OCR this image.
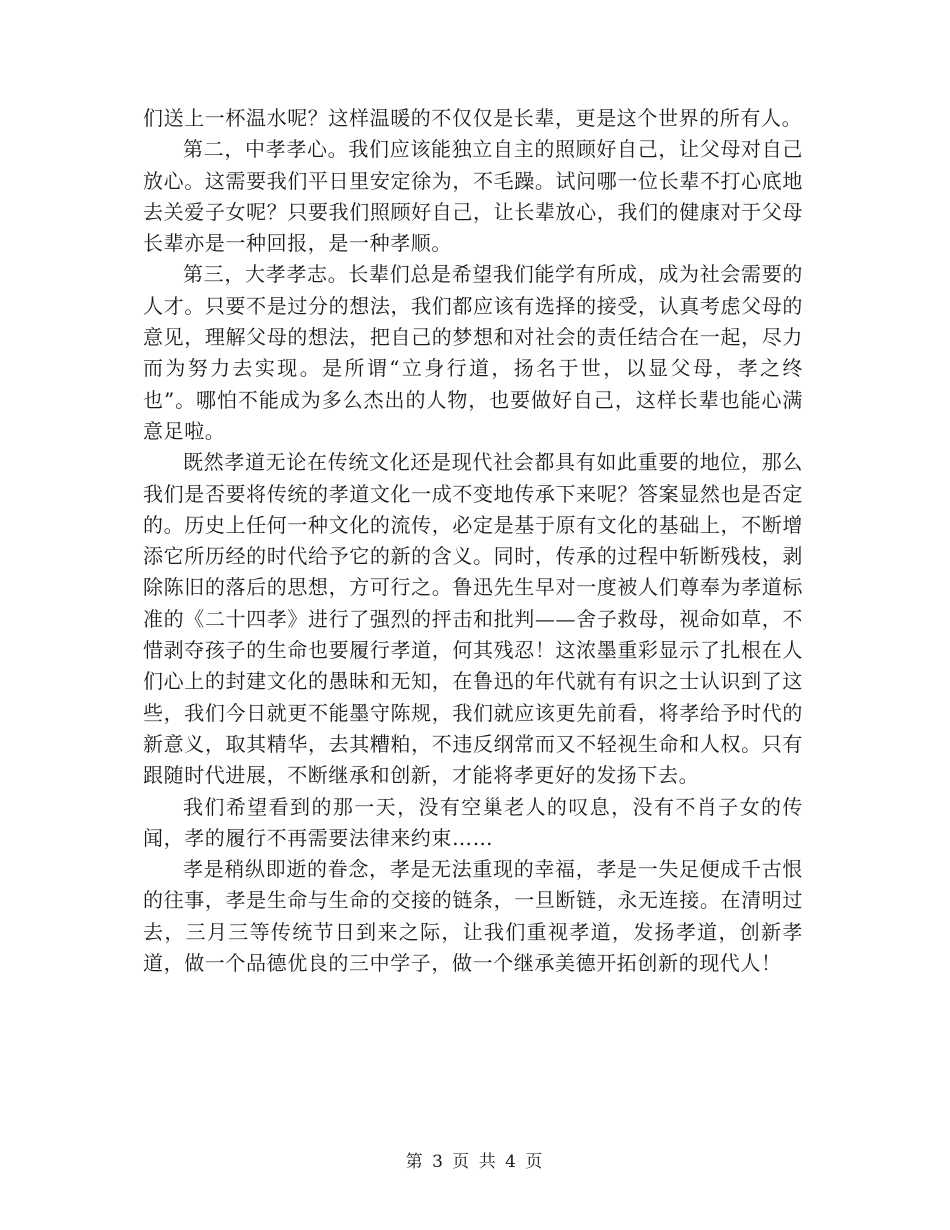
们送上一杯温水呢？这样温暖的不仅仅是长辈，更是这个世界的所有人。

第二，中孝孝心。我们应该能独立自主的照顾好自己，让父母对自己放心。这需要我们平日里安定徐为，不毛躁。试问哪一位长辈不打心底地去关爱子女呢？只要我们照顾好自己，让长辈放心，我们的健康对于父母长辈亦是一种回报，是一种孝顺。

第三，大孝孝志。长辈们总是希望我们能学有所成，成为社会需要的人才。只要不是过分的想法，我们都应该有选择的接受，认真考虑父母的意见，理解父母的想法，把自己的梦想和对社会的责任结合在一起，尽力而为努力去实现。是所谓“立身行道，扬名于世，以显父母，孝之终也”。哪怕不能成为多么杰出的人物，也要做好自己，这样长辈也能心满意足啦。

既然孝道无论在传统文化还是现代社会都具有如此重要的地位，那么我们是否要将传统的孝道文化一成不变地传承下来呢？答案显然也是否定的。历史上任何一种文化的流传，必定是基于原有文化的基础上，不断增添它所历经的时代给予它的新的含义。同时，传承的过程中斩断残枝，剥除陈旧的落后的思想，方可行之。鲁迅先生早对一度被人们尊奉为孝道标准的《二十四孝》进行了强烈的抨击和批判——舍子救母，视命如草，不惜剥夺孩子的生命也要履行孝道，何其残忍！这浓墨重彩显示了扎根在人们心上的封建文化的愚昧和无知，在鲁迅的年代就有有识之士认识到了这些，我们今日就更不能墨守陈规，我们就应该更先前看，将孝给予时代的新意义，取其精华，去其糟粕，不违反纲常而又不轻视生命和人权。只有跟随时代进展，不断继承和创新，才能将孝更好的发扬下去。

我们希望看到的那一天，没有空巢老人的叹息，没有不肖子女的传闻，孝的履行不再需要法律来约束……

孝是稍纵即逝的眷念，孝是无法重现的幸福，孝是一失足便成千古恨的往事，孝是生命与生命的交接的链条，一旦断链，永无连接。在清明过去，三月三等传统节日到来之际，让我们重视孝道，发扬孝道，创新孝道，做一个品德优良的三中学子，做一个继承美德开拓创新的现代人！

第 3 页 共 4 页
